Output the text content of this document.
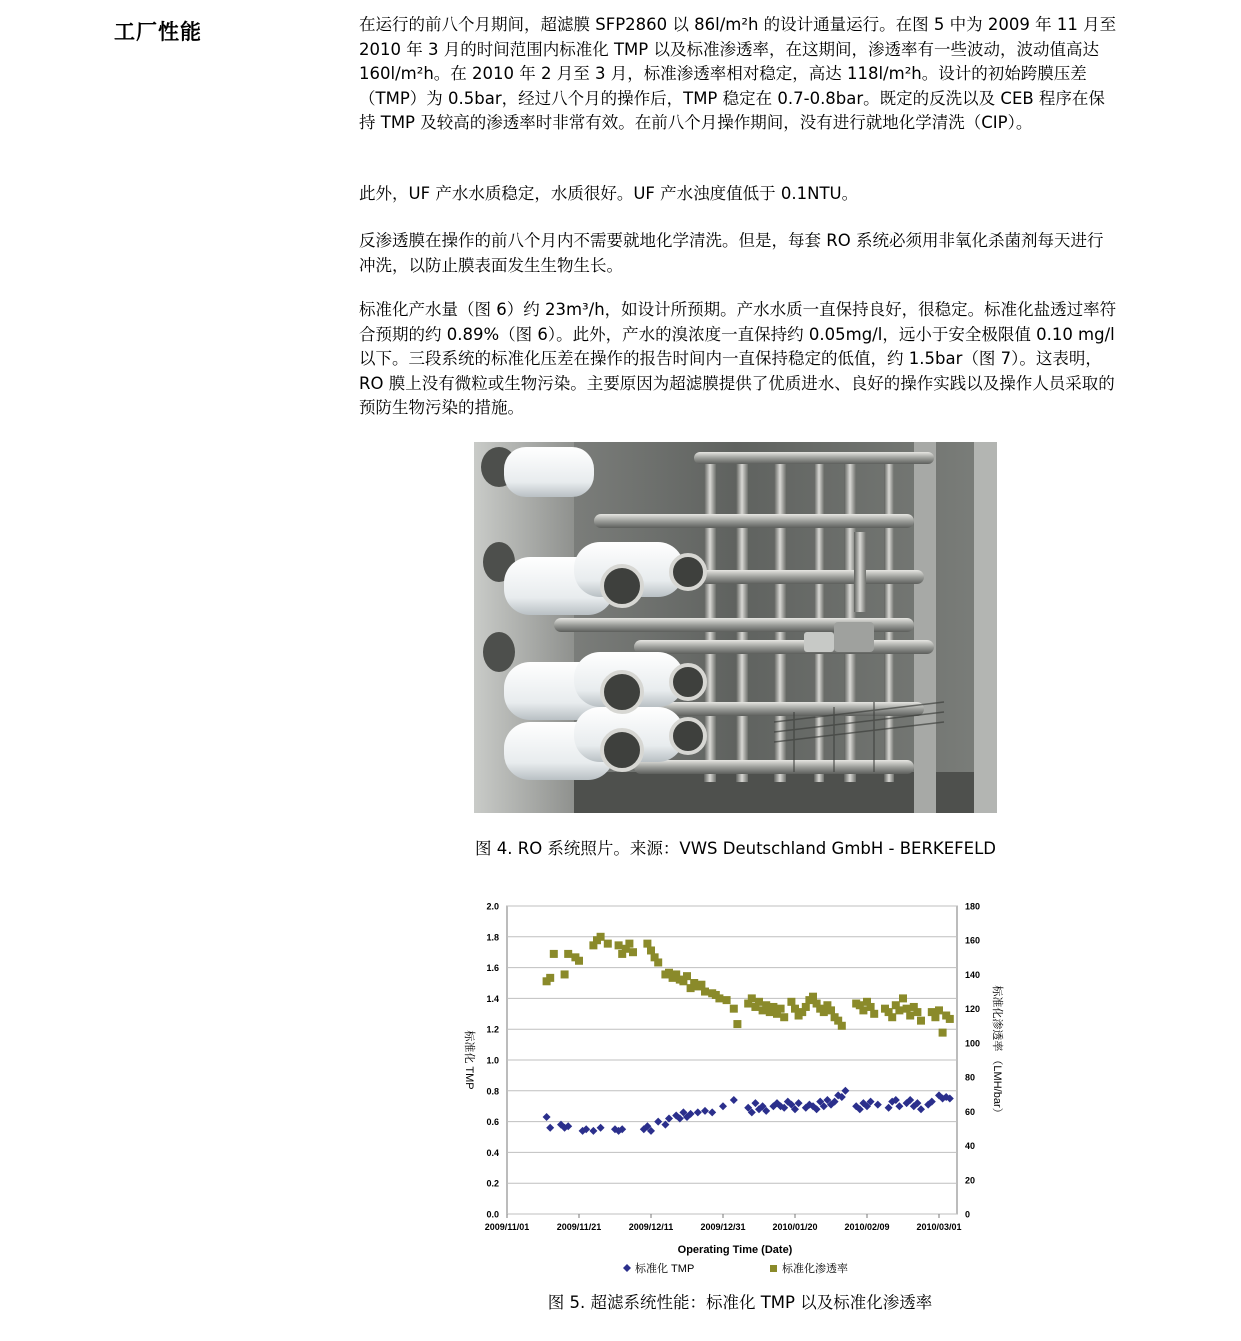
工厂性能	在运行的前八个月期间，超滤膜 SFP2860 以 86l/m²h 的设计通量运行。在图 5 中为 2009 年 11 月至 2010 年 3 月的时间范围内标准化 TMP 以及标准渗透率，在这期间，渗透率有一些波动，波动值高达 160l/m²h。在 2010 年 2 月至 3 月，标准渗透率相对稳定，高达 118l/m²h。设计的初始跨膜压差（TMP）为 0.5bar，经过八个月的操作后，TMP 稳定在 0.7-0.8bar。既定的反洗以及 CEB 程序在保持 TMP 及较高的渗透率时非常有效。在前八个月操作期间，没有进行就地化学清洗（CIP）。
此外，UF 产水水质稳定，水质很好。UF 产水浊度值低于 0.1NTU。
反渗透膜在操作的前八个月内不需要就地化学清洗。但是，每套 RO 系统必须用非氧化杀菌剂每天进行冲洗，以防止膜表面发生生物生长。
标准化产水量（图 6）约 23m³/h，如设计所预期。产水水质一直保持良好，很稳定。标准化盐透过率符合预期的约 0.89%（图 6）。此外，产水的溴浓度一直保持约 0.05mg/l，远小于安全极限值 0.10 mg/l 以下。三段系统的标准化压差在操作的报告时间内一直保持稳定的低值，约 1.5bar（图 7）。这表明，RO 膜上没有微粒或生物污染。主要原因为超滤膜提供了优质进水、良好的操作实践以及操作人员采取的预防生物污染的措施。
图 4. RO 系统照片。来源：VWS Deutschland GmbH - BERKEFELD
0.0
0.2
0.4
0.6
0.8
1.0
1.2
1.4
1.6
1.8
2.0
0
20
40
60
80
100
120
140
160
180
2009/11/01	2009/11/21	2009/12/11	2009/12/31	2010/01/20	2010/02/09	2010/03/01
标准化 TMP	标准化渗透率 （LMH/bar）
Operating Time (Date)
标准化 TMP	标准化渗透率
图 5. 超滤系统性能：标准化 TMP 以及标准化渗透率
